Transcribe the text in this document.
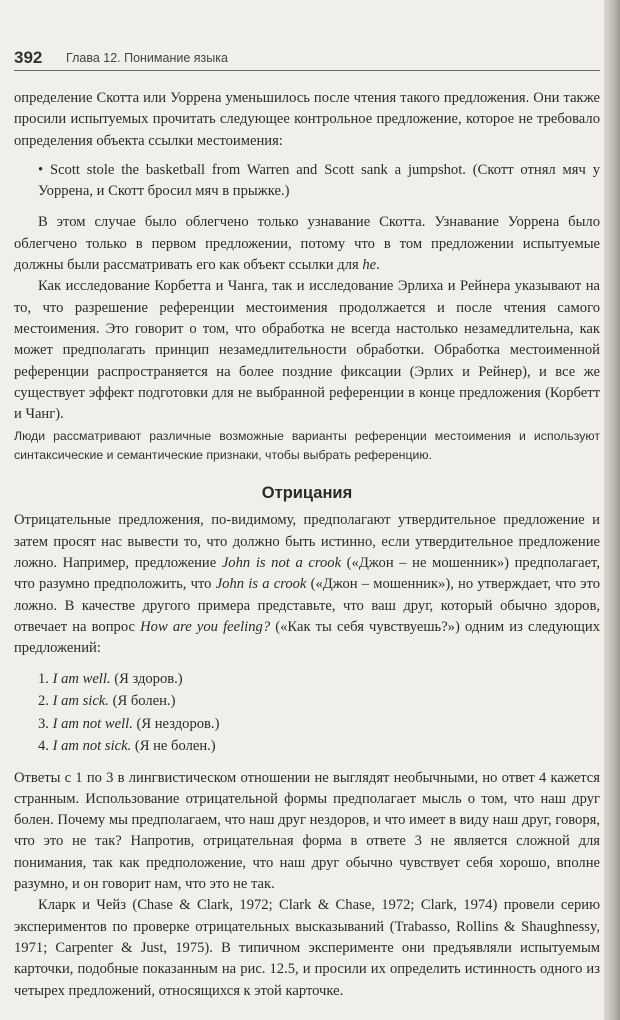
392 Глава 12. Понимание языка

определение Скотта или Уоррена уменьшилось после чтения такого предложения. Они также просили испытуемых прочитать следующее контрольное предложение, которое не требовало определения объекта ссылки местоимения:

• Scott stole the basketball from Warren and Scott sank a jumpshot. (Скотт отнял мяч у Уоррена, и Скотт бросил мяч в прыжке.)

В этом случае было облегчено только узнавание Скотта. Узнавание Уоррена было облегчено только в первом предложении, потому что в том предложении испытуемые должны были рассматривать его как объект ссылки для he.

Как исследование Корбетта и Чанга, так и исследование Эрлиха и Рейнера указывают на то, что разрешение референции местоимения продолжается и после чтения самого местоимения. Это говорит о том, что обработка не всегда настолько незамедлительна, как может предполагать принцип незамедлительности обработки. Обработка местоименной референции распространяется на более поздние фиксации (Эрлих и Рейнер), и все же существует эффект подготовки для не выбранной референции в конце предложения (Корбетт и Чанг).

Люди рассматривают различные возможные варианты референции местоимения и используют синтаксические и семантические признаки, чтобы выбрать референцию.

Отрицания

Отрицательные предложения, по-видимому, предполагают утвердительное предложение и затем просят нас вывести то, что должно быть истинно, если утвердительное предложение ложно. Например, предложение John is not a crook («Джон – не мошенник») предполагает, что разумно предположить, что John is a crook («Джон – мошенник»), но утверждает, что это ложно. В качестве другого примера представьте, что ваш друг, который обычно здоров, отвечает на вопрос How are you feeling? («Как ты себя чувствуешь?») одним из следующих предложений:

1. I am well. (Я здоров.)
2. I am sick. (Я болен.)
3. I am not well. (Я нездоров.)
4. I am not sick. (Я не болен.)

Ответы с 1 по 3 в лингвистическом отношении не выглядят необычными, но ответ 4 кажется странным. Использование отрицательной формы предполагает мысль о том, что наш друг болен. Почему мы предполагаем, что наш друг нездоров, и что имеет в виду наш друг, говоря, что это не так? Напротив, отрицательная форма в ответе 3 не является сложной для понимания, так как предположение, что наш друг обычно чувствует себя хорошо, вполне разумно, и он говорит нам, что это не так.

Кларк и Чейз (Chase & Clark, 1972; Clark & Chase, 1972; Clark, 1974) провели серию экспериментов по проверке отрицательных высказываний (Trabasso, Rollins & Shaughnessy, 1971; Carpenter & Just, 1975). В типичном эксперименте они предъявляли испытуемым карточки, подобные показанным на рис. 12.5, и просили их определить истинность одного из четырех предложений, относящихся к этой карточке.
